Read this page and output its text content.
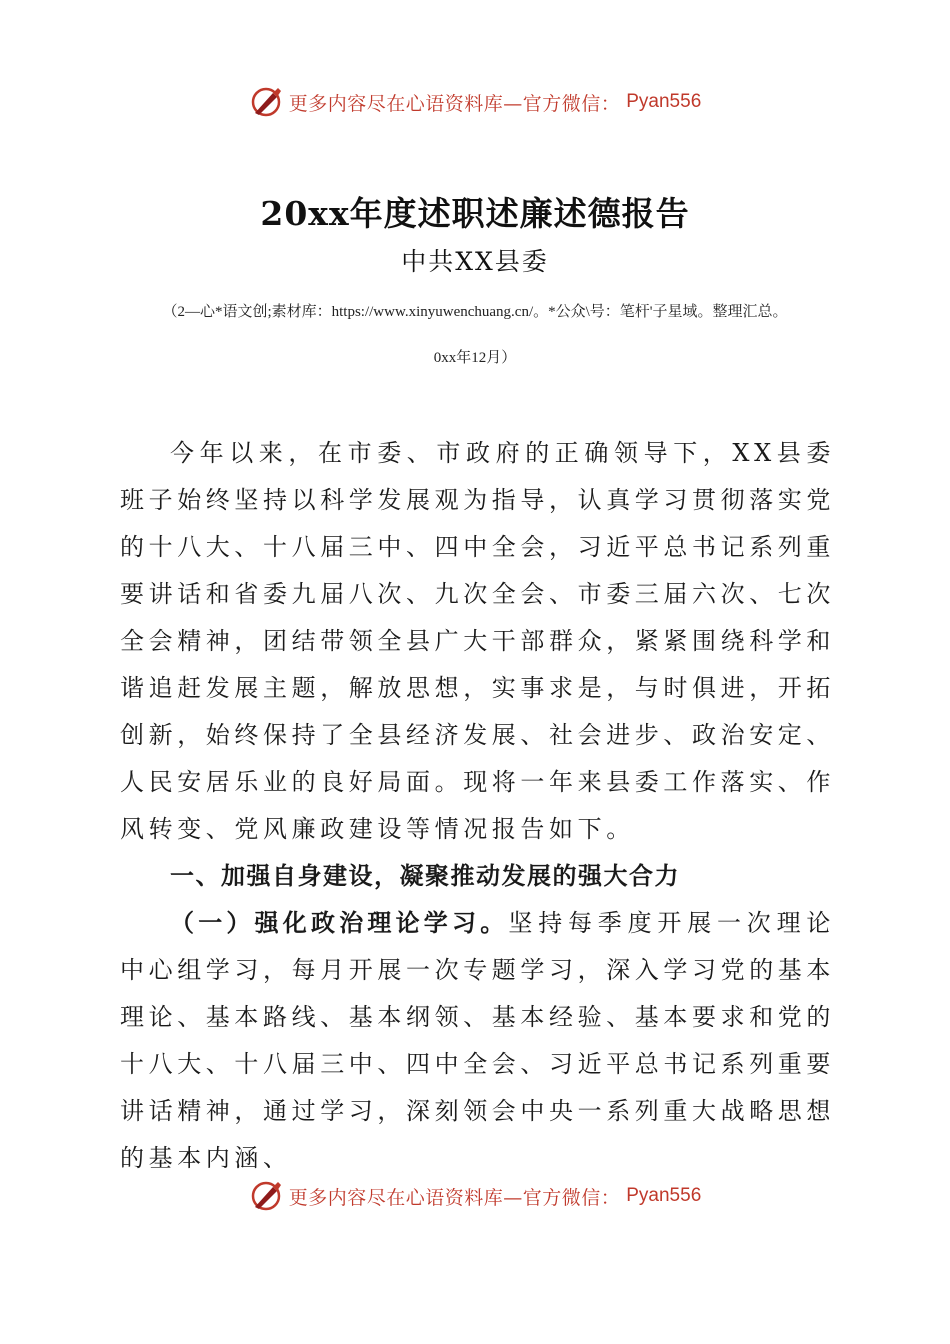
更多内容尽在心语资料库—官方微信： Pyan556
20xx年度述职述廉述德报告
中共XX县委
（2—心*语文创;素材库：https://www.xinyuwenchuang.cn/。*公众\号：笔杆'子星域。整理汇总。
0xx年12月）

今年以来，在市委、市政府的正确领导下，XX县委班子始终坚持以科学发展观为指导，认真学习贯彻落实党的十八大、十八届三中、四中全会，习近平总书记系列重要讲话和省委九届八次、九次全会、市委三届六次、七次全会精神，团结带领全县广大干部群众，紧紧围绕科学和谐追赶发展主题，解放思想，实事求是，与时俱进，开拓创新，始终保持了全县经济发展、社会进步、政治安定、人民安居乐业的良好局面。现将一年来县委工作落实、作风转变、党风廉政建设等情况报告如下。

一、加强自身建设，凝聚推动发展的强大合力

（一）强化政治理论学习。坚持每季度开展一次理论中心组学习，每月开展一次专题学习，深入学习党的基本理论、基本路线、基本纲领、基本经验、基本要求和党的十八大、十八届三中、四中全会、习近平总书记系列重要讲话精神，通过学习，深刻领会中央一系列重大战略思想的基本内涵、

更多内容尽在心语资料库—官方微信： Pyan556
